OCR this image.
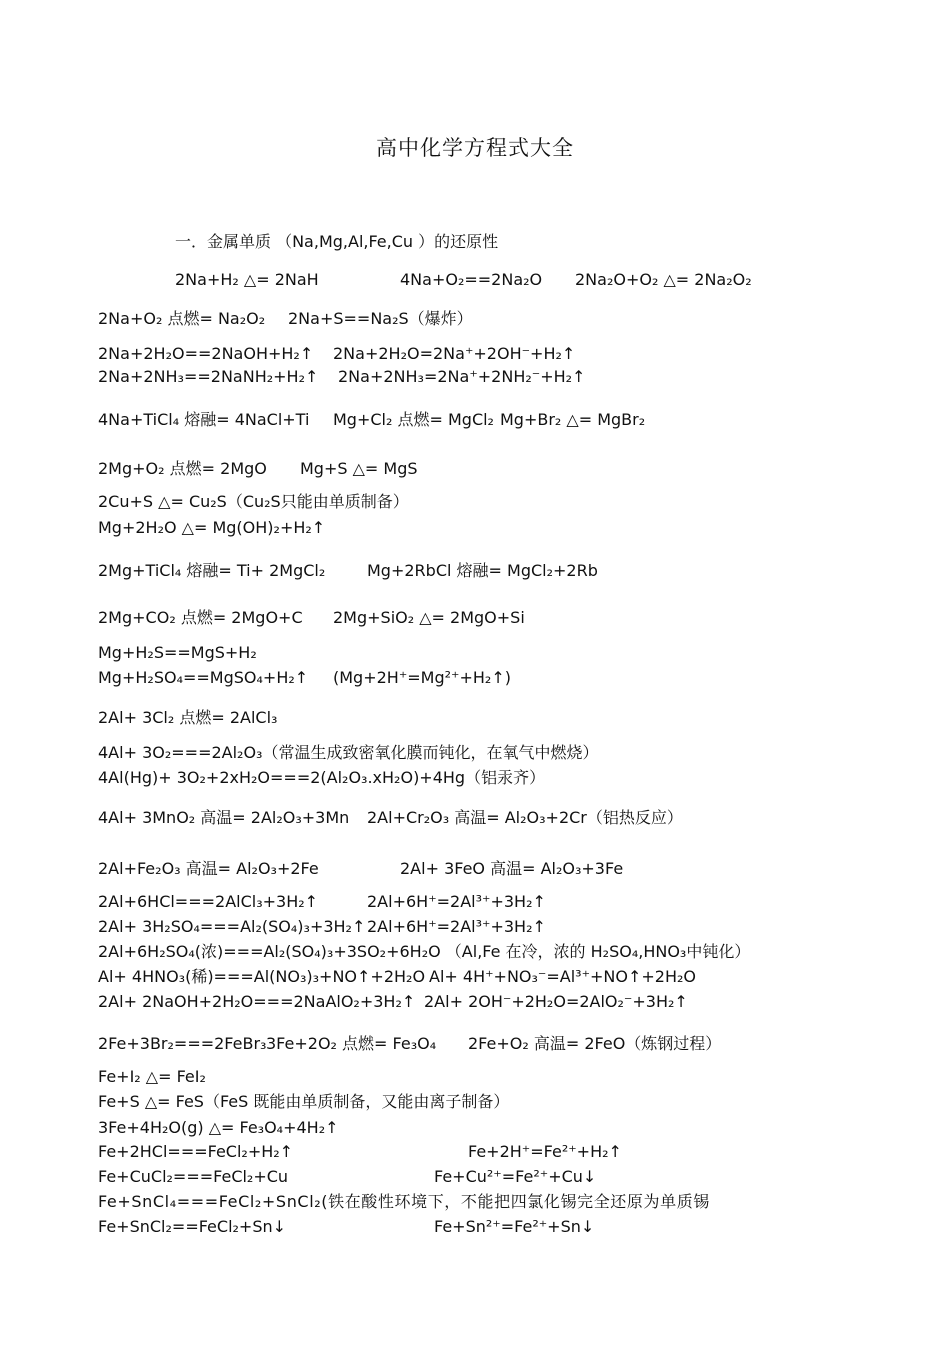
高中化学方程式大全
一．金属单质 （Na,Mg,Al,Fe,Cu ）的还原性
2Na+H₂ △= 2NaH	4Na+O₂==2Na₂O 2Na₂O+O₂ △= 2Na₂O₂
2Na+O₂ 点燃= Na₂O₂ 2Na+S==Na₂S（爆炸）
2Na+2H₂O==2NaOH+H₂↑ 2Na+2H₂O=2Na⁺+2OH⁻+H₂↑
2Na+2NH₃==2NaNH₂+H₂↑ 2Na+2NH₃=2Na⁺+2NH₂⁻+H₂↑
4Na+TiCl₄ 熔融= 4NaCl+Ti Mg+Cl₂ 点燃= MgCl₂ Mg+Br₂ △= MgBr₂
2Mg+O₂ 点燃= 2MgO Mg+S △= MgS
2Cu+S △= Cu₂S（Cu₂S只能由单质制备）
Mg+2H₂O △= Mg(OH)₂+H₂↑
2Mg+TiCl₄ 熔融= Ti+ 2MgCl₂	Mg+2RbCl 熔融= MgCl₂+2Rb
2Mg+CO₂ 点燃= 2MgO+C 2Mg+SiO₂ △= 2MgO+Si
Mg+H₂S==MgS+H₂
Mg+H₂SO₄==MgSO₄+H₂↑ (Mg+2H⁺=Mg²⁺+H₂↑)
2Al+ 3Cl₂ 点燃= 2AlCl₃
4Al+ 3O₂===2Al₂O₃（常温生成致密氧化膜而钝化，在氧气中燃烧）
4Al(Hg)+ 3O₂+2xH₂O===2(Al₂O₃.xH₂O)+4Hg（铝汞齐）
4Al+ 3MnO₂ 高温= 2Al₂O₃+3Mn 2Al+Cr₂O₃ 高温= Al₂O₃+2Cr（铝热反应）
2Al+Fe₂O₃ 高温= Al₂O₃+2Fe	2Al+ 3FeO 高温= Al₂O₃+3Fe
2Al+6HCl===2AlCl₃+3H₂↑	2Al+6H⁺=2Al³⁺+3H₂↑
2Al+ 3H₂SO₄===Al₂(SO₄)₃+3H₂↑ 2Al+6H⁺=2Al³⁺+3H₂↑
2Al+6H₂SO₄(浓)===Al₂(SO₄)₃+3SO₂+6H₂O （Al,Fe 在冷，浓的 H₂SO₄,HNO₃中钝化）
Al+ 4HNO₃(稀)===Al(NO₃)₃+NO↑+2H₂O Al+ 4H⁺+NO₃⁻=Al³⁺+NO↑+2H₂O
2Al+ 2NaOH+2H₂O===2NaAlO₂+3H₂↑ 2Al+ 2OH⁻+2H₂O=2AlO₂⁻+3H₂↑
2Fe+3Br₂===2FeBr₃ 3Fe+2O₂ 点燃= Fe₃O₄ 2Fe+O₂ 高温= 2FeO（炼钢过程）
Fe+I₂ △= FeI₂
Fe+S △= FeS（FeS 既能由单质制备，又能由离子制备）
3Fe+4H₂O(g) △= Fe₃O₄+4H₂↑
Fe+2HCl===FeCl₂+H₂↑	Fe+2H⁺=Fe²⁺+H₂↑
Fe+CuCl₂===FeCl₂+Cu	Fe+Cu²⁺=Fe²⁺+Cu↓
Fe+SnCl₄===FeCl₂+SnCl₂(铁在酸性环境下，不能把四氯化锡完全还原为单质锡
Fe+SnCl₂==FeCl₂+Sn↓	Fe+Sn²⁺=Fe²⁺+Sn↓
